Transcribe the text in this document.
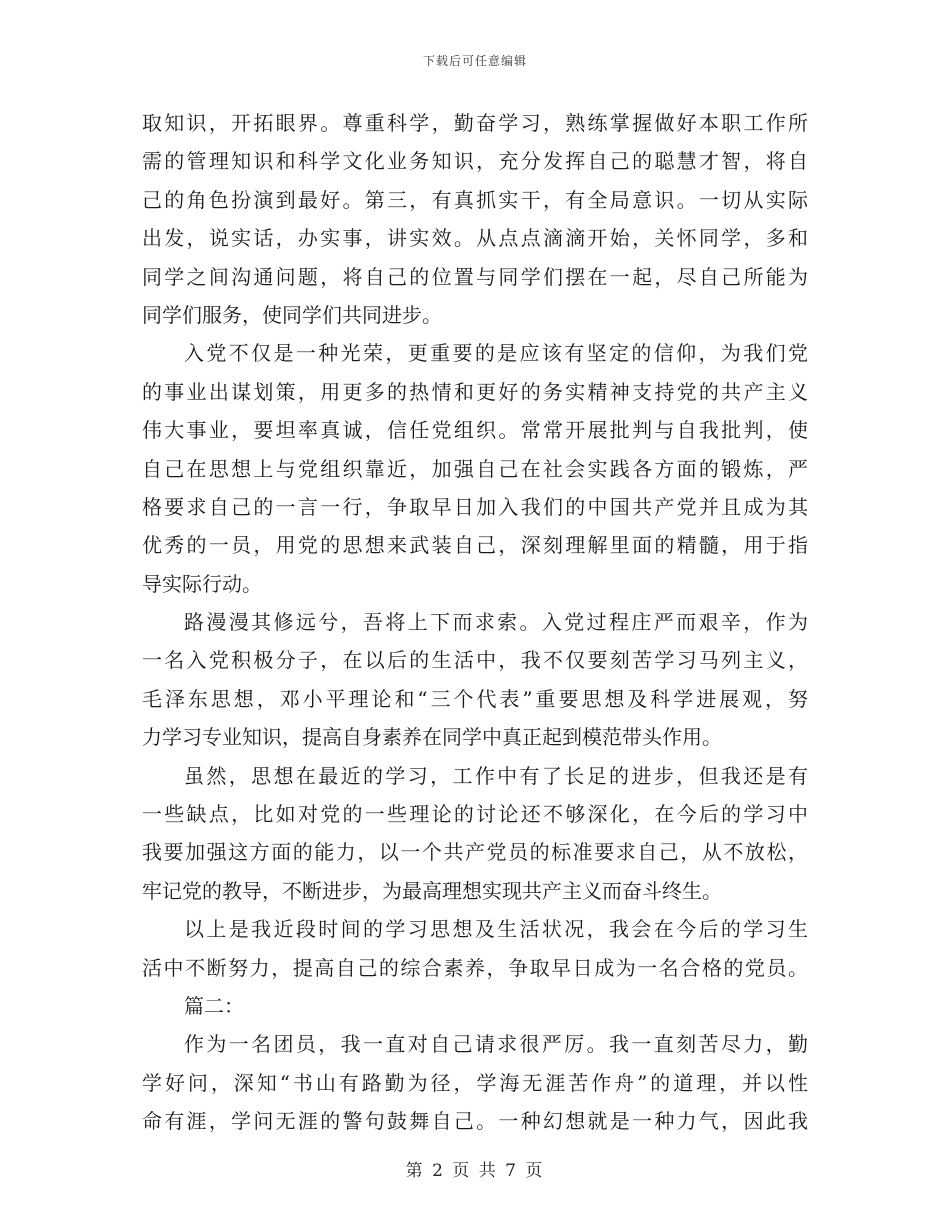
下载后可任意编辑
取知识，开拓眼界。尊重科学，勤奋学习，熟练掌握做好本职工作所
需的管理知识和科学文化业务知识，充分发挥自己的聪慧才智，将自
己的角色扮演到最好。第三，有真抓实干，有全局意识。一切从实际
出发，说实话，办实事，讲实效。从点点滴滴开始，关怀同学，多和
同学之间沟通问题，将自己的位置与同学们摆在一起，尽自己所能为
同学们服务，使同学们共同进步。
入党不仅是一种光荣，更重要的是应该有坚定的信仰，为我们党
的事业出谋划策，用更多的热情和更好的务实精神支持党的共产主义
伟大事业，要坦率真诚，信任党组织。常常开展批判与自我批判，使
自己在思想上与党组织靠近，加强自己在社会实践各方面的锻炼，严
格要求自己的一言一行，争取早日加入我们的中国共产党并且成为其
优秀的一员，用党的思想来武装自己，深刻理解里面的精髓，用于指
导实际行动。
路漫漫其修远兮，吾将上下而求索。入党过程庄严而艰辛，作为
一名入党积极分子，在以后的生活中，我不仅要刻苦学习马列主义，
毛泽东思想，邓小平理论和“三个代表”重要思想及科学进展观，努
力学习专业知识，提高自身素养在同学中真正起到模范带头作用。
虽然，思想在最近的学习，工作中有了长足的进步，但我还是有
一些缺点，比如对党的一些理论的讨论还不够深化，在今后的学习中
我要加强这方面的能力，以一个共产党员的标准要求自己，从不放松，
牢记党的教导，不断进步，为最高理想实现共产主义而奋斗终生。
以上是我近段时间的学习思想及生活状况，我会在今后的学习生
活中不断努力，提高自己的综合素养，争取早日成为一名合格的党员。
篇二：
作为一名团员，我一直对自己请求很严厉。我一直刻苦尽力，勤
学好问，深知“书山有路勤为径，学海无涯苦作舟”的道理，并以性
命有涯，学问无涯的警句鼓舞自己。一种幻想就是一种力气，因此我
第 2 页 共 7 页
